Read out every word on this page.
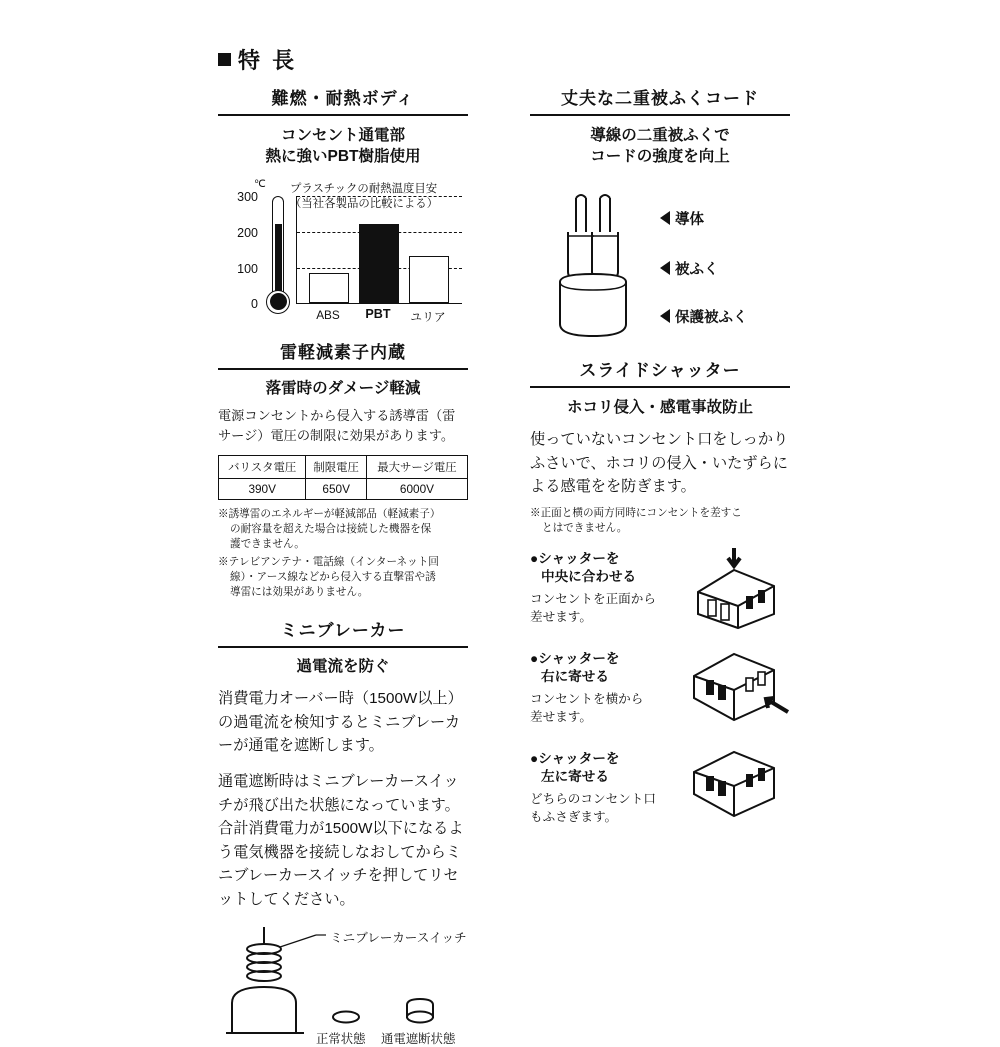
特 長
難燃・耐熱ボディ
コンセント通電部
熱に強いPBT樹脂使用
℃ プラスチックの耐熱温度目安
（当社各製品の比較による）
300
200
100
0
ABS	PBT	ユリア
雷軽減素子内蔵
落雷時のダメージ軽減
電源コンセントから侵入する誘導雷（雷サージ）電圧の制限に効果があります。
バリスタ電圧	制限電圧	最大サージ電圧
390V	650V	6000V
※誘導雷のエネルギーが軽減部品（軽減素子）
の耐容量を超えた場合は接続した機器を保
護できません。
※テレビアンテナ・電話線（インターネット回
線）・アース線などから侵入する直撃雷や誘
導雷には効果がありません。
ミニブレーカー
過電流を防ぐ
消費電力オーバー時（1500W以上）の過電流を検知するとミニブレーカーが通電を遮断します。
通電遮断時はミニブレーカースイッチが飛び出た状態になっています。合計消費電力が1500W以下になるよう電気機器を接続しなおしてからミニブレーカースイッチを押してリセットしてください。
ミニブレーカースイッチ
正常状態 通電遮断状態
丈夫な二重被ふくコード
導線の二重被ふくで
コードの強度を向上
導体
被ふく
保護被ふく
スライドシャッター
ホコリ侵入・感電事故防止
使っていないコンセント口をしっかりふさいで、ホコリの侵入・いたずらによる感電をを防ぎます。
※正面と横の両方同時にコンセントを差すこ
とはできません。
●シャッターを
中央に合わせる
コンセントを正面から
差せます。
●シャッターを
右に寄せる
コンセントを横から
差せます。
●シャッターを
左に寄せる
どちらのコンセント口
もふさぎます。
